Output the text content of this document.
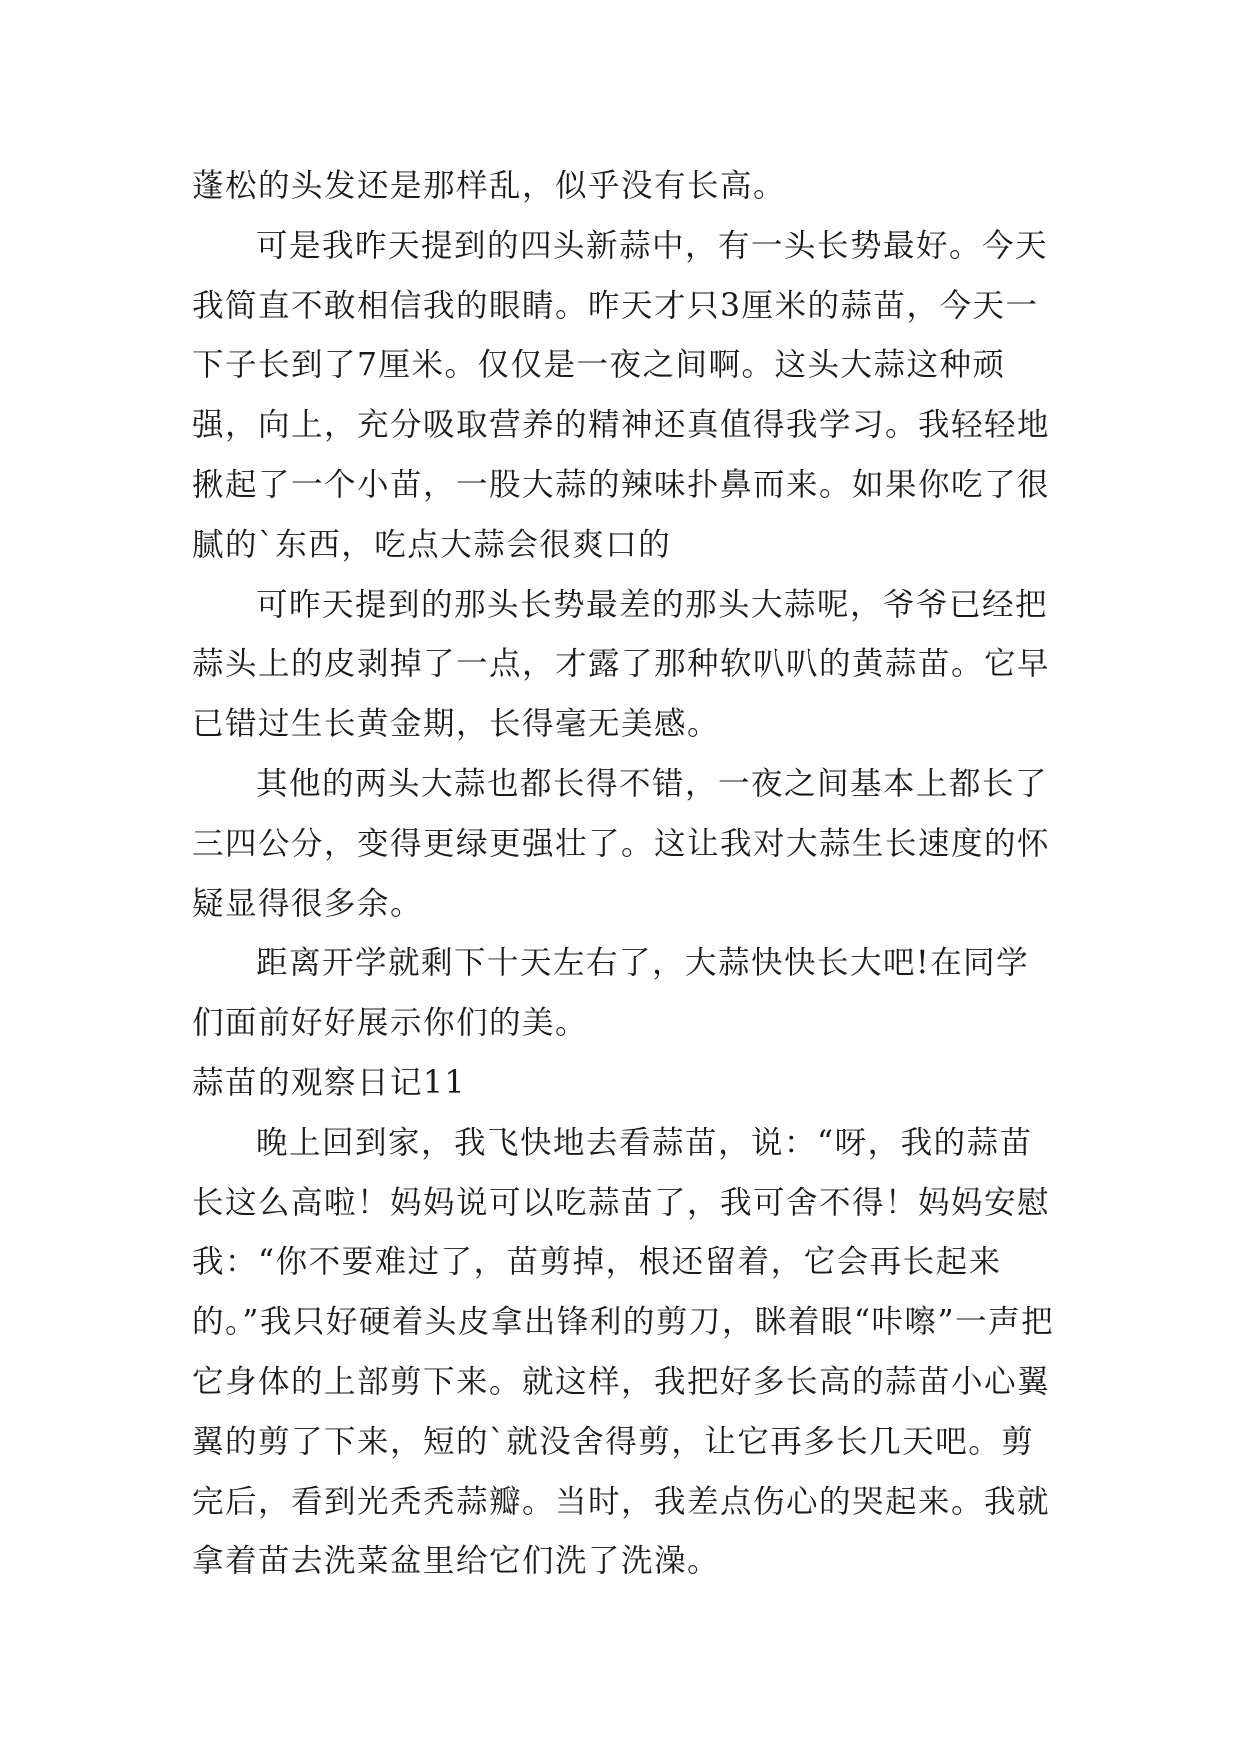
蓬松的头发还是那样乱，似乎没有长高。

可是我昨天提到的四头新蒜中，有一头长势最好。今天我简直不敢相信我的眼睛。昨天才只3厘米的蒜苗，今天一下子长到了7厘米。仅仅是一夜之间啊。这头大蒜这种顽强，向上，充分吸取营养的精神还真值得我学习。我轻轻地揪起了一个小苗，一股大蒜的辣味扑鼻而来。如果你吃了很腻的`东西，吃点大蒜会很爽口的

可昨天提到的那头长势最差的那头大蒜呢，爷爷已经把蒜头上的皮剥掉了一点，才露了那种软叭叭的黄蒜苗。它早已错过生长黄金期，长得毫无美感。

其他的两头大蒜也都长得不错，一夜之间基本上都长了三四公分，变得更绿更强壮了。这让我对大蒜生长速度的怀疑显得很多余。

距离开学就剩下十天左右了，大蒜快快长大吧!在同学们面前好好展示你们的美。

蒜苗的观察日记11

晚上回到家，我飞快地去看蒜苗，说：“呀，我的蒜苗长这么高啦！妈妈说可以吃蒜苗了，我可舍不得！妈妈安慰我：“你不要难过了，苗剪掉，根还留着，它会再长起来的。”我只好硬着头皮拿出锋利的剪刀，眯着眼“咔嚓”一声把它身体的上部剪下来。就这样，我把好多长高的蒜苗小心翼翼的剪了下来，短的`就没舍得剪，让它再多长几天吧。剪完后，看到光秃秃蒜瓣。当时，我差点伤心的哭起来。我就拿着苗去洗菜盆里给它们洗了洗澡。
